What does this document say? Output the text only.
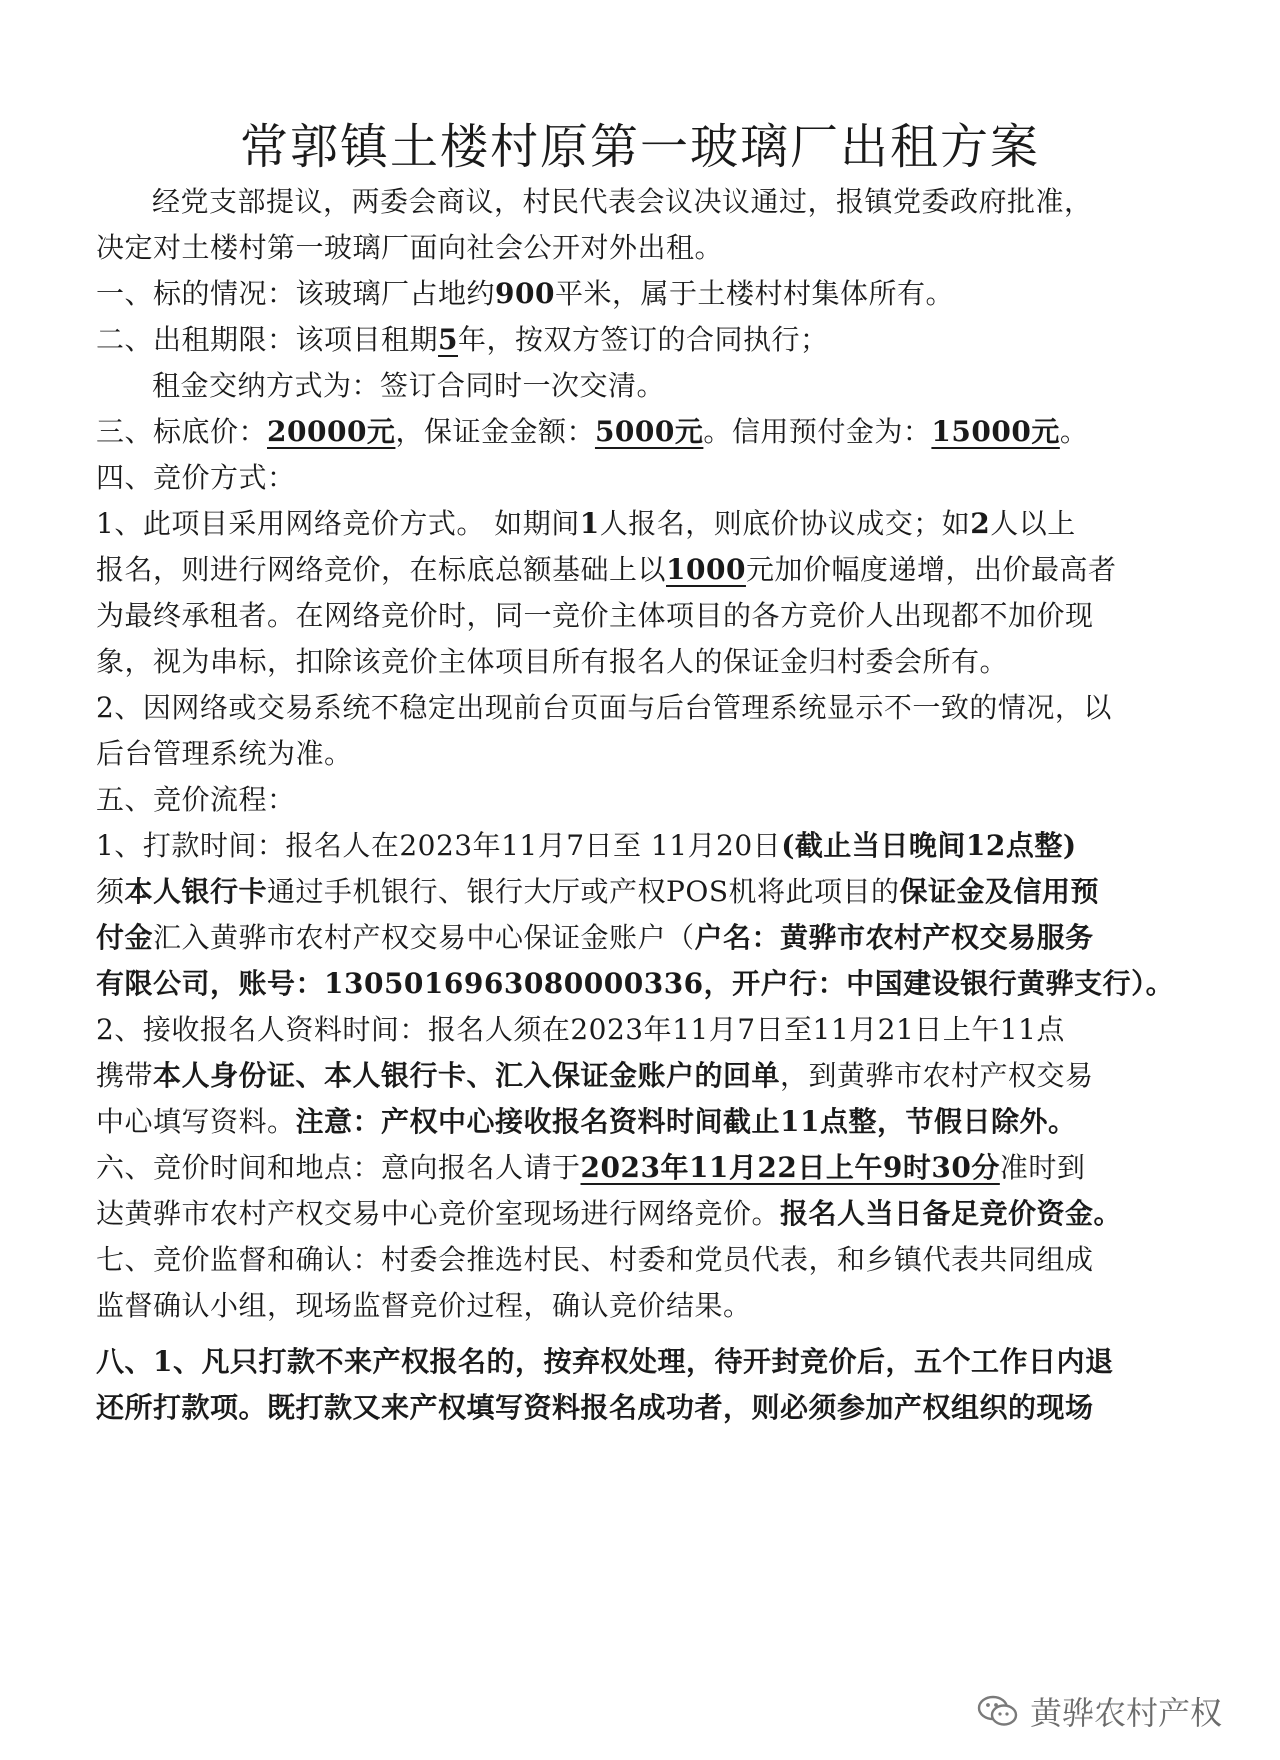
常郭镇土楼村原第一玻璃厂出租方案
经党支部提议，两委会商议，村民代表会议决议通过，报镇党委政府批准，
决定对土楼村第一玻璃厂面向社会公开对外出租。
一、标的情况：该玻璃厂占地约900平米，属于土楼村村集体所有。
二、出租期限：该项目租期5年，按双方签订的合同执行；
租金交纳方式为：签订合同时一次交清。
三、标底价：20000元，保证金金额：5000元。信用预付金为：15000元。
四、竞价方式：
1、此项目采用网络竞价方式。 如期间1人报名，则底价协议成交；如2人以上
报名，则进行网络竞价，在标底总额基础上以1000元加价幅度递增，出价最高者
为最终承租者。在网络竞价时，同一竞价主体项目的各方竞价人出现都不加价现
象，视为串标，扣除该竞价主体项目所有报名人的保证金归村委会所有。
2、因网络或交易系统不稳定出现前台页面与后台管理系统显示不一致的情况，以
后台管理系统为准。
五、竞价流程：
1、打款时间：报名人在2023年11月7日至 11月20日(截止当日晚间12点整)
须本人银行卡通过手机银行、银行大厅或产权POS机将此项目的保证金及信用预
付金汇入黄骅市农村产权交易中心保证金账户（户名：黄骅市农村产权交易服务
有限公司，账号：1305016963080000336，开户行：中国建设银行黄骅支行）。
2、接收报名人资料时间：报名人须在2023年11月7日至11月21日上午11点
携带本人身份证、本人银行卡、汇入保证金账户的回单，到黄骅市农村产权交易
中心填写资料。注意：产权中心接收报名资料时间截止11点整，节假日除外。
六、竞价时间和地点：意向报名人请于2023年11月22日上午9时30分准时到
达黄骅市农村产权交易中心竞价室现场进行网络竞价。报名人当日备足竞价资金。
七、竞价监督和确认：村委会推选村民、村委和党员代表，和乡镇代表共同组成
监督确认小组，现场监督竞价过程，确认竞价结果。
八、1、凡只打款不来产权报名的，按弃权处理，待开封竞价后，五个工作日内退
还所打款项。既打款又来产权填写资料报名成功者，则必须参加产权组织的现场
黄骅农村产权
